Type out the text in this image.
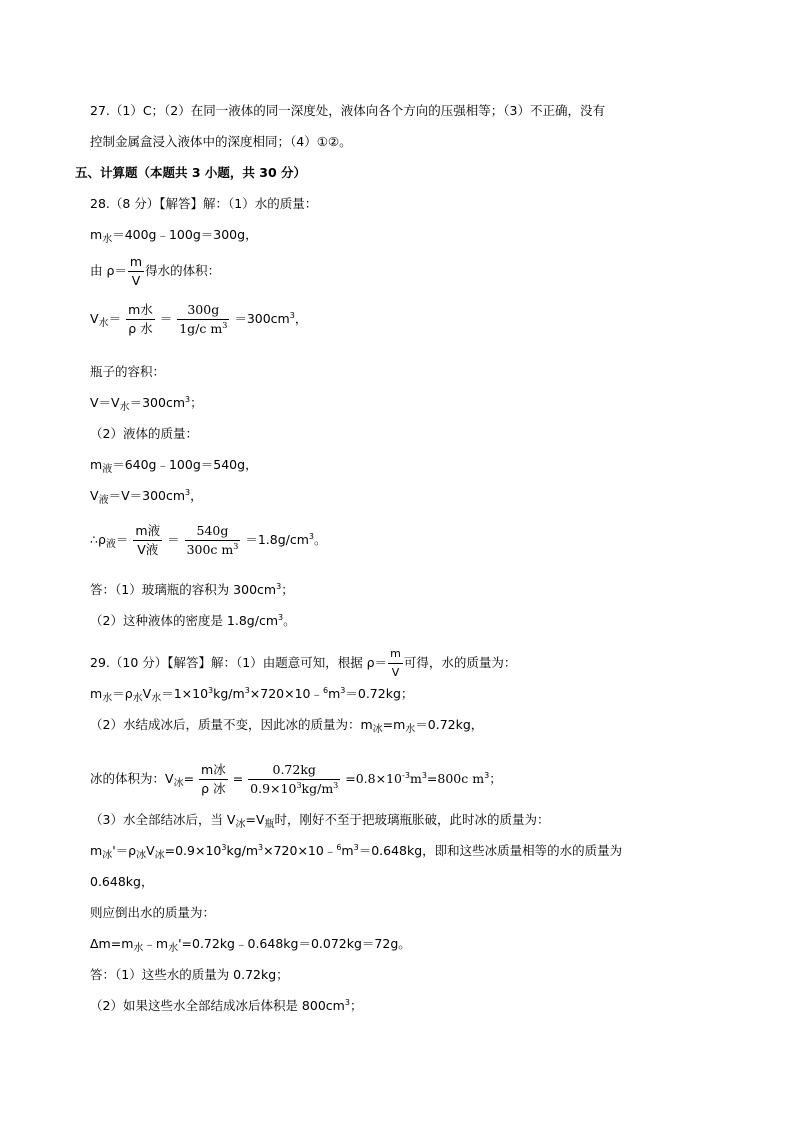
27.（1）C；（2）在同一液体的同一深度处，液体向各个方向的压强相等；（3）不正确，没有
控制金属盒浸入液体中的深度相同；（4）①②。
五、计算题（本题共 3 小题，共 30 分）
28.（8 分）【解答】解：（1）水的质量：
$m_水=400g﹣100g=300g$，
由 $\rho= \frac{m}{V}$ 得水的体积：
$V_水= \frac{\text{m水}}{\text{ρ 水}} = \frac{300g}{1g/c m^3} =300cm^3$，
瓶子的容积：
$V=V_水=300cm^3$；
（2）液体的质量：
$m_液=640g﹣100g=540g$，
$V_液=V=300cm^3$，
$\therefore\rho_液= \frac{\text{m液}}{\text{V液}} = \frac{540g}{300c m^3} =1.8g/cm^3$。
答：（1）玻璃瓶的容积为 $300cm^3$；
（2）这种液体的密度是 $1.8g/cm^3$。
29.（10 分）【解答】解：（1）由题意可知，根据 $\rho= \frac{m}{V}$ 可得，水的质量为：
$m_水=\rho_水V_水=1\times 10^3kg/m^3\times 720\times 10﹣^6m^3=0.72kg$；
（2）水结成冰后，质量不变，因此冰的质量为：$m_冰=m_水=0.72kg$，
冰的体积为：$V_冰= \frac{\text{m冰}}{\text{ρ 冰}} = \frac{0.72kg}{0.9\times 10^3kg/m^3} =0.8\times 10^{-3}m^3=800c$ $m^3$；
（3）水全部结冰后，当 $V_冰=V_瓶$时，刚好不至于把玻璃瓶胀破，此时冰的质量为：
$m_冰'=\rho_冰V_冰=0.9\times 10^3kg/m^3\times 720\times 10﹣^6m^3=0.648kg$，即和这些冰质量相等的水的质量为
0.648kg，
则应倒出水的质量为：
$\Delta m=m_水﹣m_水'=0.72kg﹣0.648kg=0.072kg=72g$。
答：（1）这些水的质量为 0.72kg；
（2）如果这些水全部结成冰后体积是 $800cm^3$；
